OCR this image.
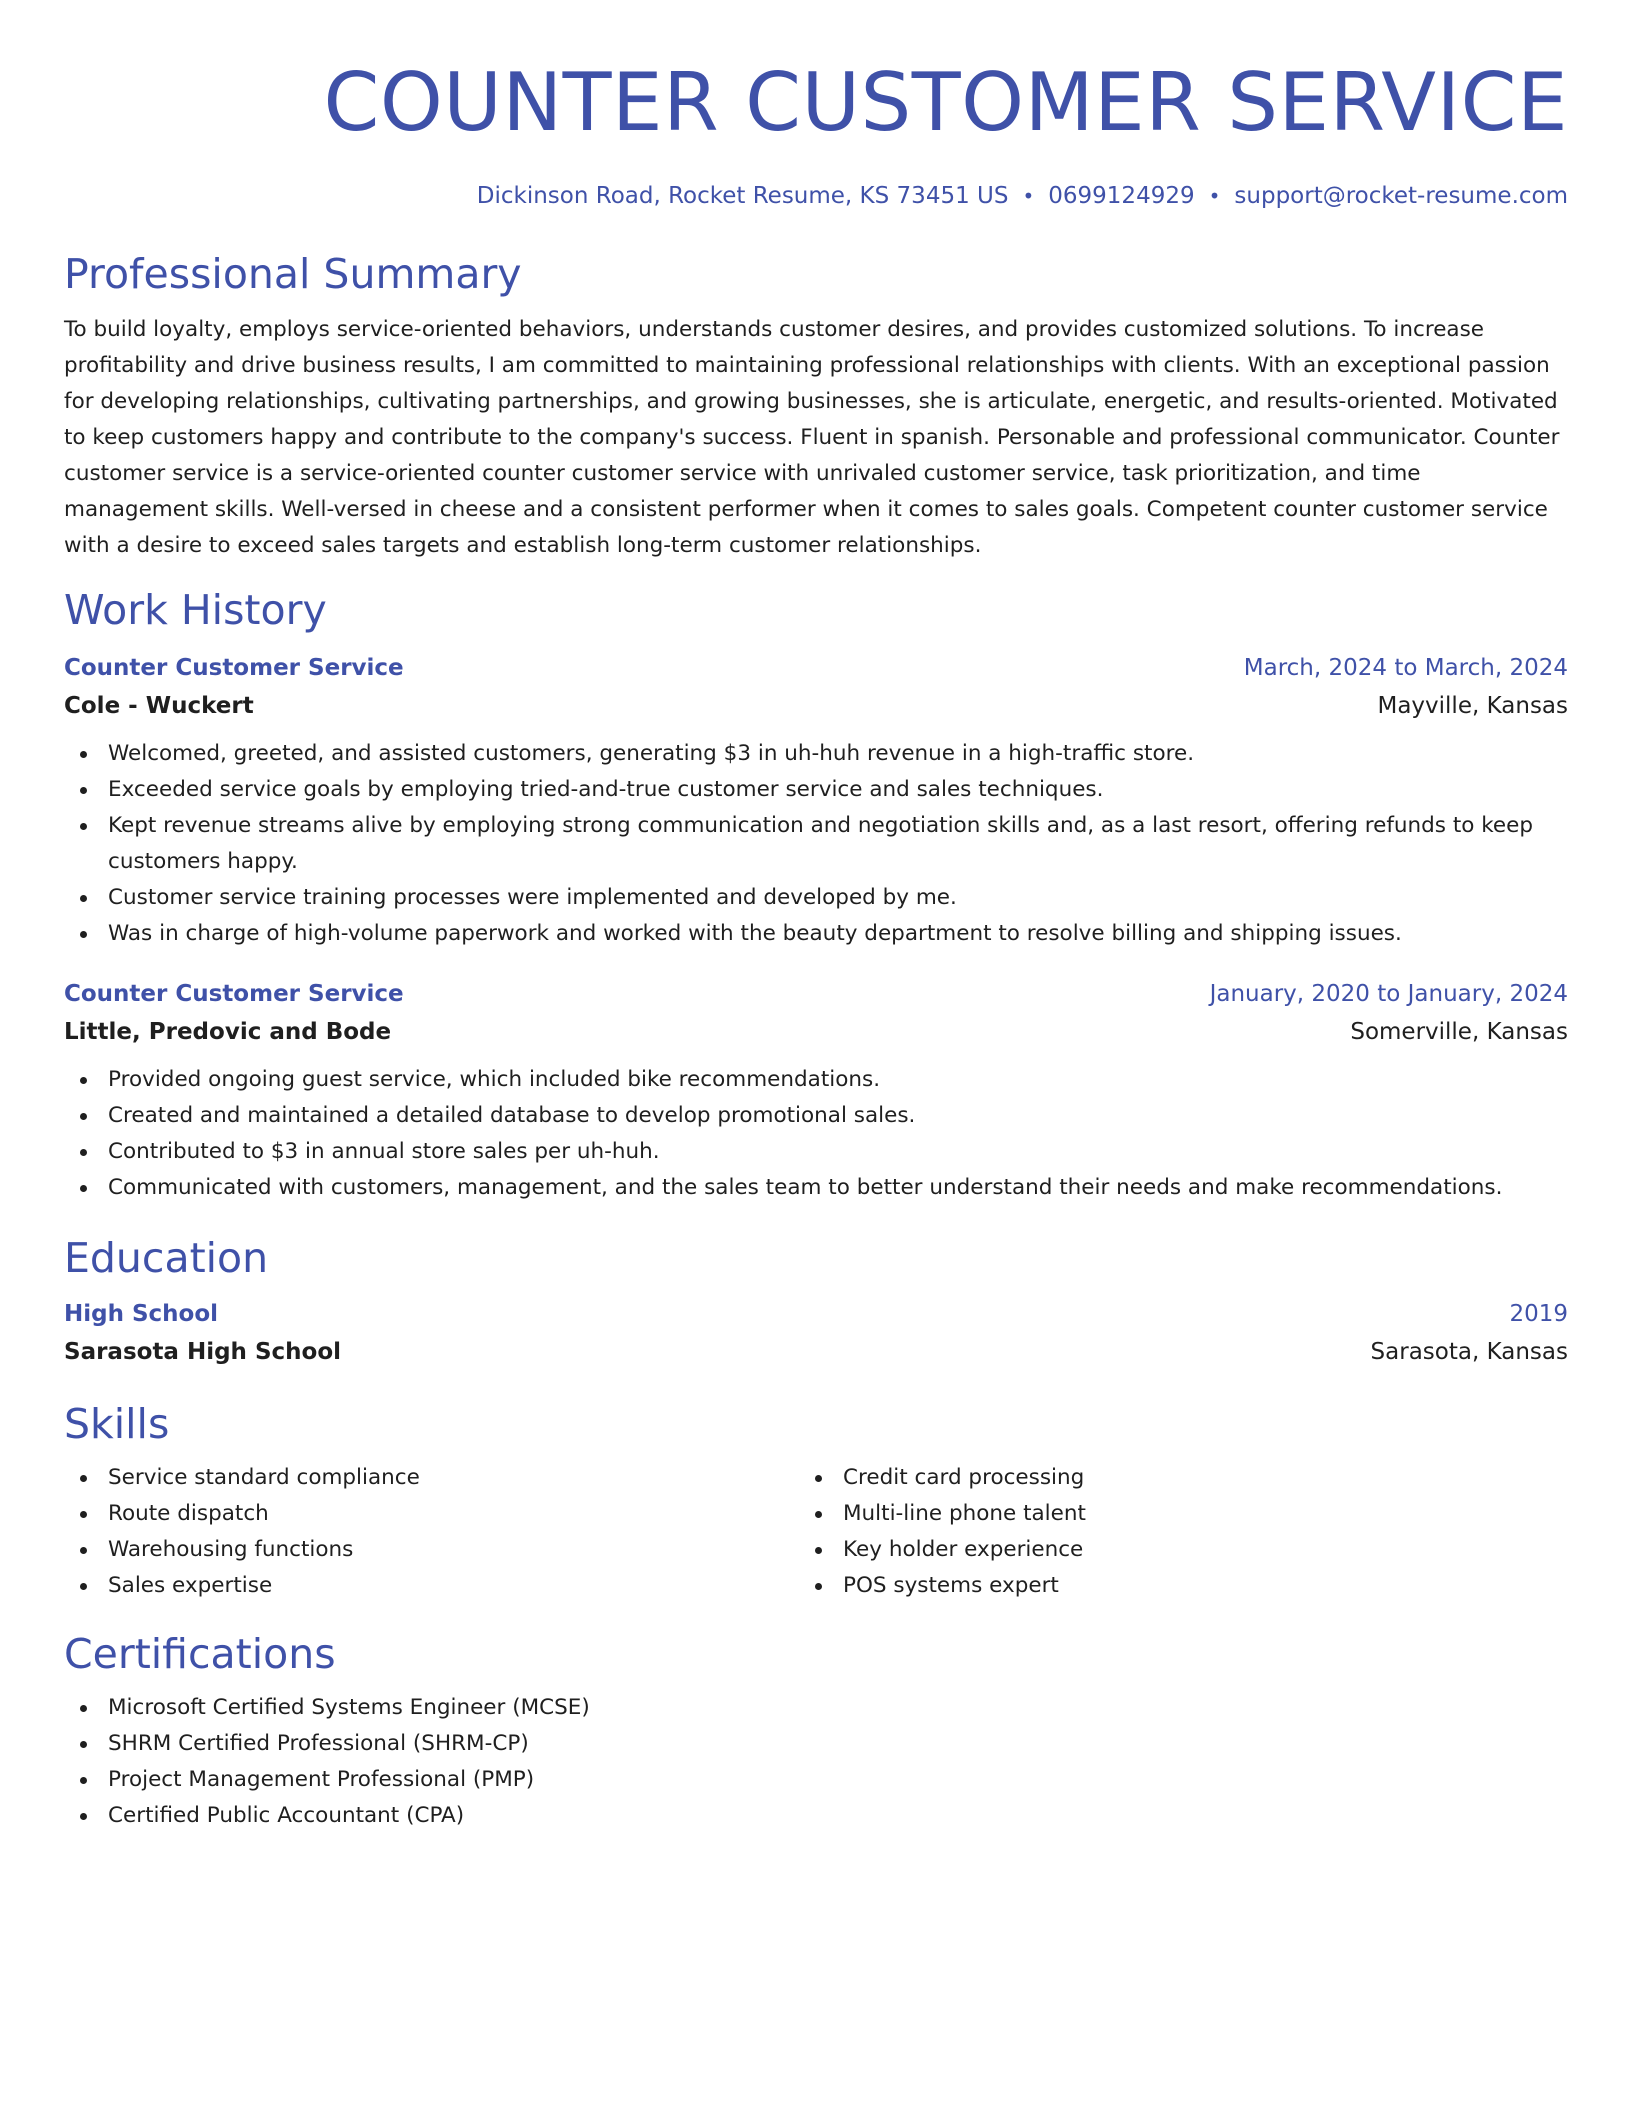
COUNTER CUSTOMER SERVICE
Dickinson Road, Rocket Resume, KS 73451 US • 0699124929 • support@rocket-resume.com
Professional Summary

To build loyalty, employs service-oriented behaviors, understands customer desires, and provides customized solutions. To increase profitability and drive business results, I am committed to maintaining professional relationships with clients. With an exceptional passion for developing relationships, cultivating partnerships, and growing businesses, she is articulate, energetic, and results-oriented. Motivated to keep customers happy and contribute to the company's success. Fluent in spanish. Personable and professional communicator. Counter customer service is a service-oriented counter customer service with unrivaled customer service, task prioritization, and time management skills. Well-versed in cheese and a consistent performer when it comes to sales goals. Competent counter customer service with a desire to exceed sales targets and establish long-term customer relationships.

Work History
Counter Customer Service	March, 2024 to March, 2024
Cole - Wuckert	Mayville, Kansas
Welcomed, greeted, and assisted customers, generating $3 in uh-huh revenue in a high-traffic store.
Exceeded service goals by employing tried-and-true customer service and sales techniques.
Kept revenue streams alive by employing strong communication and negotiation skills and, as a last resort, offering refunds to keep customers happy.
Customer service training processes were implemented and developed by me.
Was in charge of high-volume paperwork and worked with the beauty department to resolve billing and shipping issues.
Counter Customer Service	January, 2020 to January, 2024
Little, Predovic and Bode	Somerville, Kansas
Provided ongoing guest service, which included bike recommendations.
Created and maintained a detailed database to develop promotional sales.
Contributed to $3 in annual store sales per uh-huh.
Communicated with customers, management, and the sales team to better understand their needs and make recommendations.
Education
High School	2019
Sarasota High School	Sarasota, Kansas
Skills
Service standard compliance
Route dispatch
Warehousing functions
Sales expertise
Credit card processing
Multi-line phone talent
Key holder experience
POS systems expert
Certifications
Microsoft Certified Systems Engineer (MCSE)
SHRM Certified Professional (SHRM-CP)
Project Management Professional (PMP)
Certified Public Accountant (CPA)
